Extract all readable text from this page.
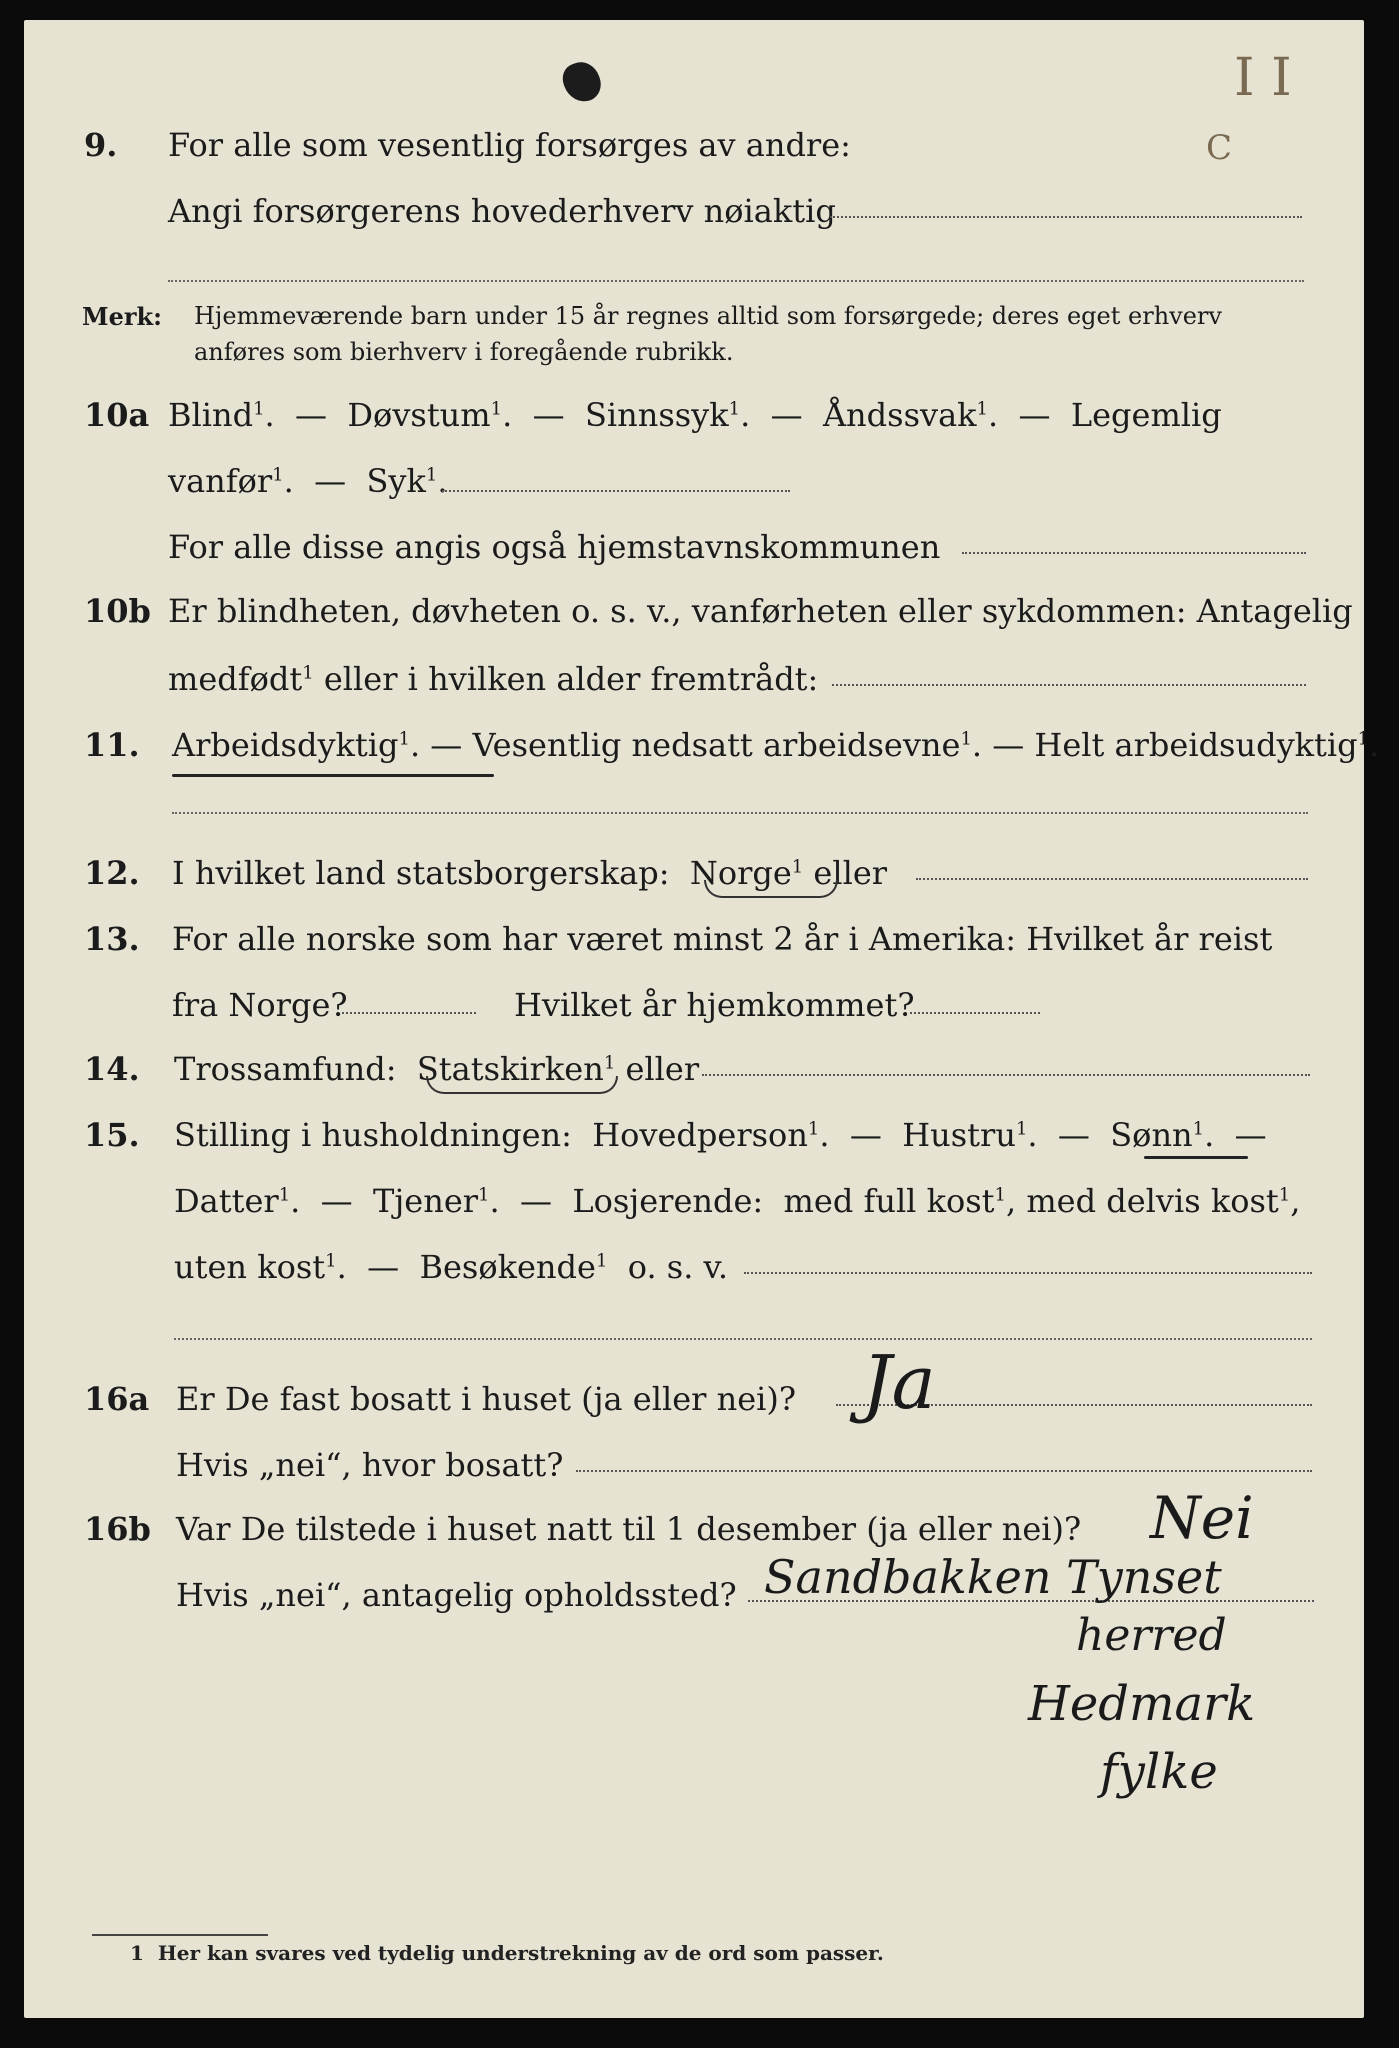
I I
C
9. For alle som vesentlig forsørges av andre:
Angi forsørgerens hovederhverv nøiaktig
Merk: Hjemmeværende barn under 15 år regnes alltid som forsørgede; deres eget erhverv
anføres som bierhverv i foregående rubrikk.
10a Blind$^1$.  —  Døvstum$^1$.  —  Sinnssyk$^1$.  —  Åndssvak$^1$.  —  Legemlig
vanfør$^1$.  —  Syk$^1$.
For alle disse angis også hjemstavnskommunen
10b Er blindheten, døvheten o. s. v., vanførheten eller sykdommen: Antagelig
medfødt$^1$ eller i hvilken alder fremtrådt:
11. Arbeidsdyktig$^1$. — Vesentlig nedsatt arbeidsevne$^1$. — Helt arbeidsudyktig$^1$.
12. I hvilket land statsborgerskap: Norge$^1$ eller
13. For alle norske som har været minst 2 år i Amerika: Hvilket år reist
fra Norge?	Hvilket år hjemkommet?
14. Trossamfund: Statskirken$^1$ eller
15. Stilling i husholdningen: Hovedperson$^1$.  —  Hustru$^1$.  —  Sønn$^1$.  —
Datter$^1$.  —  Tjener$^1$.  —  Losjerende: med full kost$^1$, med delvis kost$^1$,
uten kost$^1$.  —  Besøkende$^1$ o. s. v.
16a Er De fast bosatt i huset (ja eller nei)? Ja
Hvis „nei“, hvor bosatt?
16b Var De tilstede i huset natt til 1 desember (ja eller nei)? Nei
Hvis „nei“, antagelig opholdssted? Sandbakken Tynset
herred
Hedmark
fylke
1 Her kan svares ved tydelig understrekning av de ord som passer.
